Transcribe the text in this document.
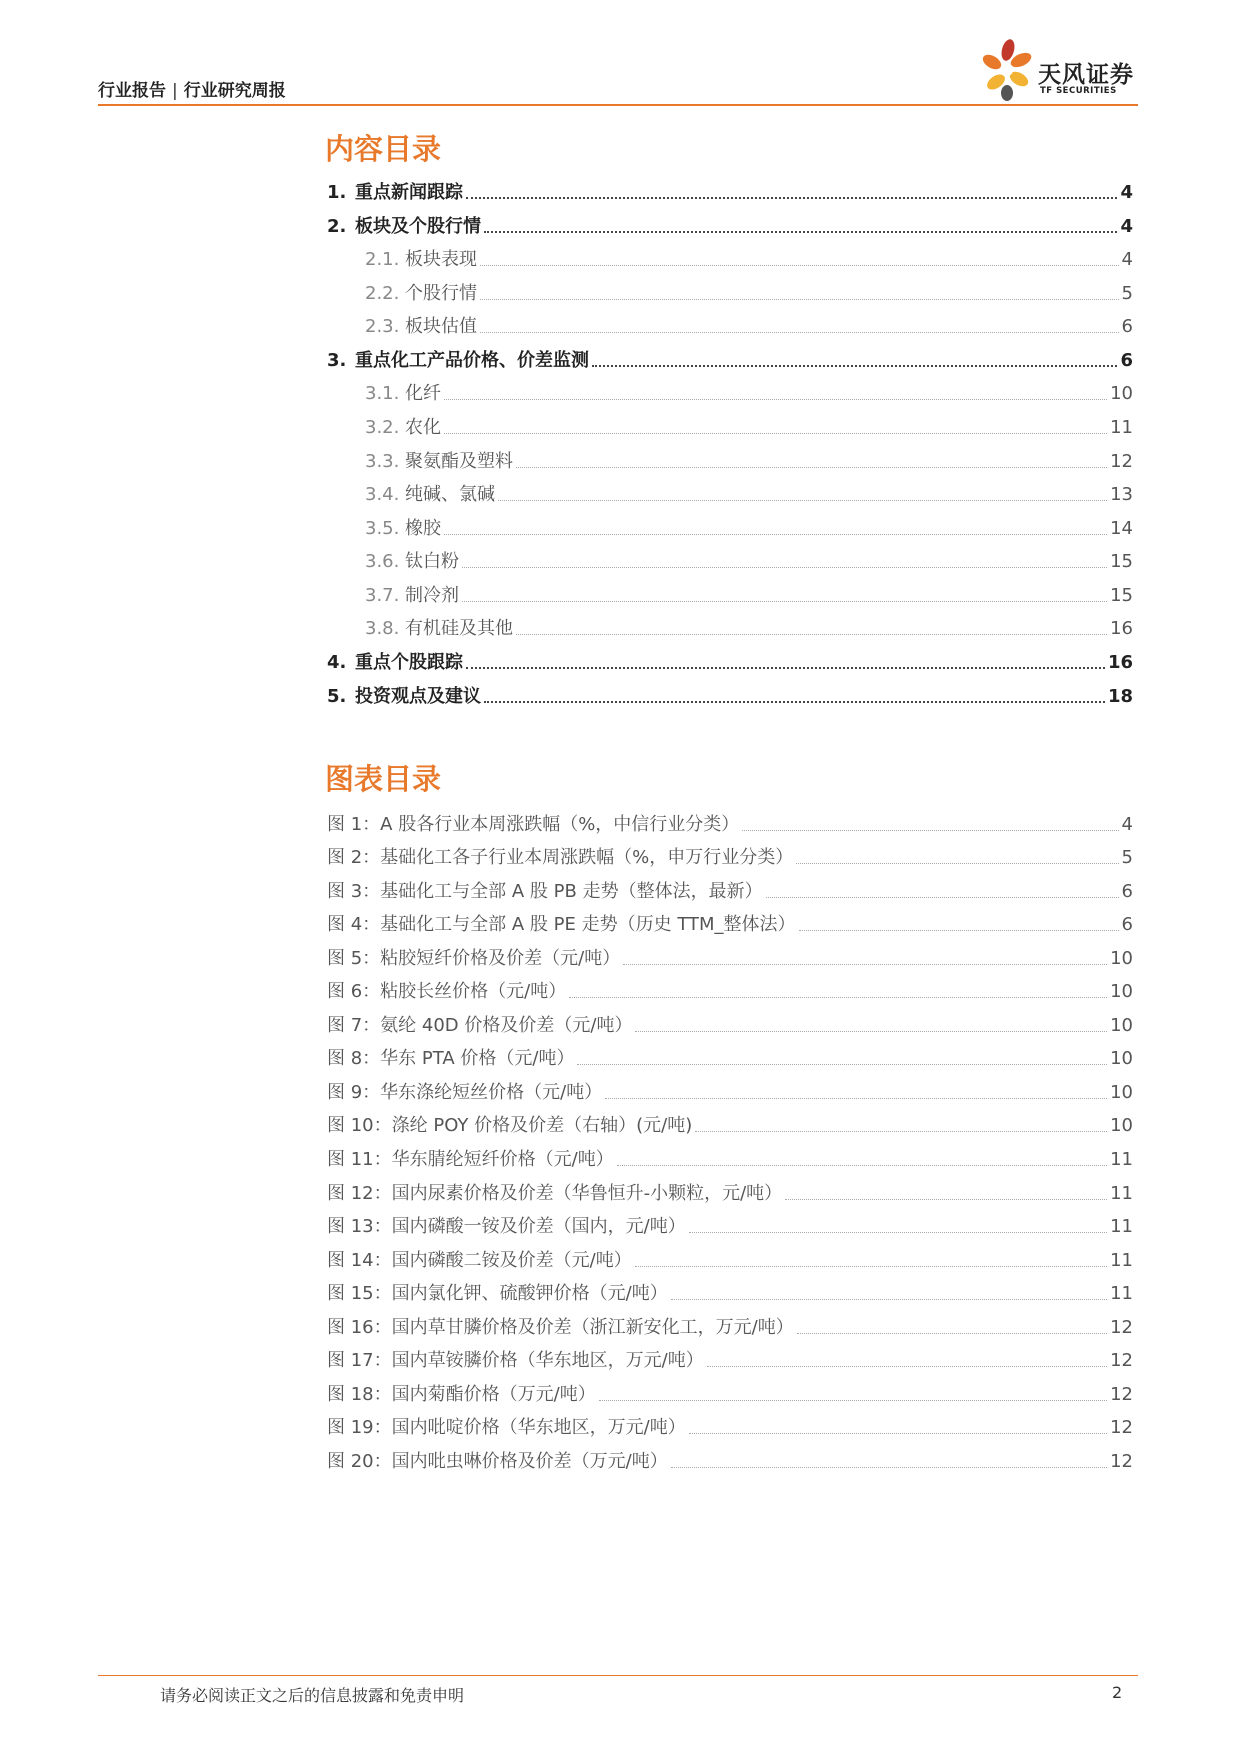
行业报告 | 行业研究周报
天风证券
TF SECURITIES
内容目录
1. 重点新闻跟踪	4
2. 板块及个股行情	4
2.1. 板块表现	4
2.2. 个股行情	5
2.3. 板块估值	6
3. 重点化工产品价格、价差监测	6
3.1. 化纤	10
3.2. 农化	11
3.3. 聚氨酯及塑料	12
3.4. 纯碱、氯碱	13
3.5. 橡胶	14
3.6. 钛白粉	15
3.7. 制冷剂	15
3.8. 有机硅及其他	16
4. 重点个股跟踪	16
5. 投资观点及建议	18
图表目录
图 1：A 股各行业本周涨跌幅（%，中信行业分类）	4
图 2：基础化工各子行业本周涨跌幅（%，申万行业分类）	5
图 3：基础化工与全部 A 股 PB 走势（整体法，最新）	6
图 4：基础化工与全部 A 股 PE 走势（历史 TTM_整体法）	6
图 5：粘胶短纤价格及价差（元/吨）	10
图 6：粘胶长丝价格（元/吨）	10
图 7：氨纶 40D 价格及价差（元/吨）	10
图 8：华东 PTA 价格（元/吨）	10
图 9：华东涤纶短丝价格（元/吨）	10
图 10：涤纶 POY 价格及价差（右轴）(元/吨)	10
图 11：华东腈纶短纤价格（元/吨）	11
图 12：国内尿素价格及价差（华鲁恒升-小颗粒，元/吨）	11
图 13：国内磷酸一铵及价差（国内，元/吨）	11
图 14：国内磷酸二铵及价差（元/吨）	11
图 15：国内氯化钾、硫酸钾价格（元/吨）	11
图 16：国内草甘膦价格及价差（浙江新安化工，万元/吨）	12
图 17：国内草铵膦价格（华东地区，万元/吨）	12
图 18：国内菊酯价格（万元/吨）	12
图 19：国内吡啶价格（华东地区，万元/吨）	12
图 20：国内吡虫啉价格及价差（万元/吨）	12
请务必阅读正文之后的信息披露和免责申明	2
